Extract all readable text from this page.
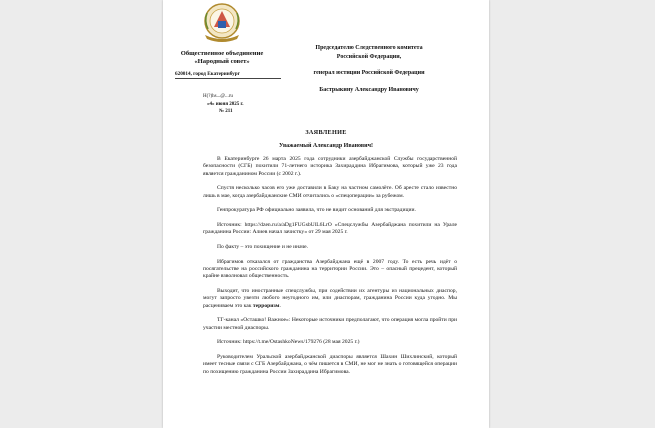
Общественное объединение
«Народный совет»
620014, город Екатеринбург
H(?)hs...@...ru
«4» июня 2025 г.
№ 211
Председателю Следственного комитета
Российской Федерации,
генерал юстиции Российской Федерации
Бастрыкину Александру Ивановичу
ЗАЯВЛЕНИЕ
Уважаемый Александр Иванович!

В Екатеринбурге 26 марта 2025 года сотрудники азербайджанской Службы государственной безопасности (СГБ) похитили 71-летнего историка Захираддина Ибрагимова, который уже 23 года является гражданином России (с 2002 г.).

Спустя несколько часов его уже доставили в Баку на частном самолёте. Об аресте стало известно лишь в мае, когда азербайджанские СМИ отчитались о «спецоперации» за рубежом.

Генпрокуратура РФ официально заявила, что не видит оснований для экстрадиции.

Источник: https://dzen.ru/a/aDg1FUGsbUlL6LrO «Спецслужбы Азербайджана похитили на Урале гражданина России: Алиев начал зачистку» от 29 мая 2025 г.

По факту – это похищение и не иначе.

Ибрагимов отказался от гражданства Азербайджана ещё в 2007 году. То есть речь идёт о посягательстве на российского гражданина на территории России. Это – опасный прецедент, который крайне взволновал общественность.

Выходит, что иностранные спецслужбы, при содействии их агентуры из национальных диаспор, могут запросто увезти любого неугодного им, или диаспорам, гражданина России куда угодно. Мы расцениваем это как терроризм.

ТГ-канал «Осташко! Важное»: Некоторые источники предполагают, что операция могла пройти при участии местной диаспоры.

Источник: https://t.me/OstashkoNews/179276 (28 мая 2025 г.)

Руководителем Уральской азербайджанской диаспоры является Шахин Шихлинский, который имеет тесные связи с СГБ Азербайджана, о чём пишется в СМИ, не мог не знать о готовящейся операции по похищению гражданина России Захираддина Ибрагимова.
